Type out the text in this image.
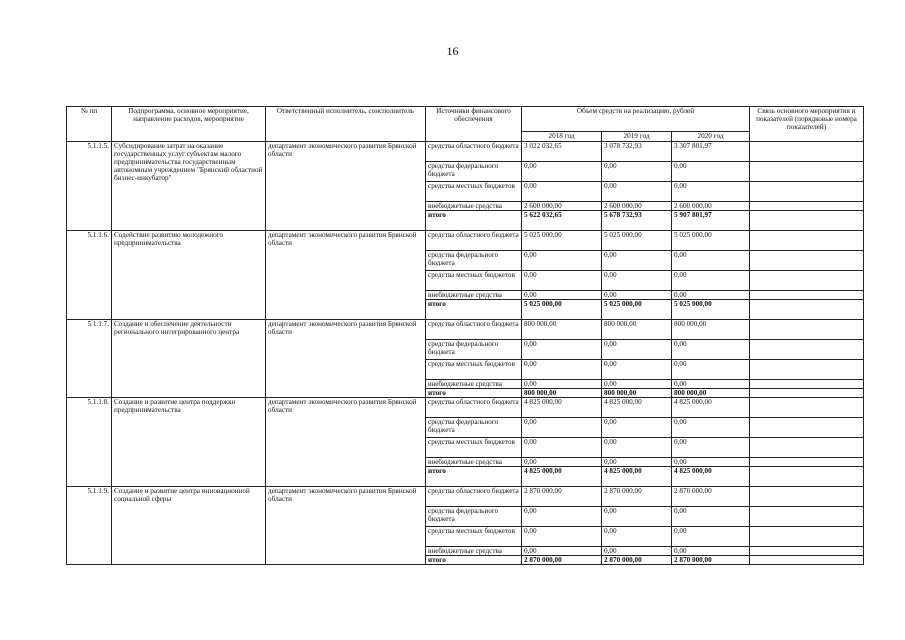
16
№ пп	Подпрограмма, основное мероприятие, направление расходов, мероприятие	Ответственный исполнитель, соисполнитель	Источники финансового обеспечения	Объем средств на реализацию, рублей			Связь основного мероприятия и показателей (порядковые номера показателей)
				2018 год	2019 год	2020 год	
5.1.1.5.	Субсидирование затрат на оказание государственных услуг субъектам малого предпринимательства государственным автономным учреждением "Брянский областной бизнес-инкубатор"	департамент экономического развития Брянской области	средства областного бюджета	3 022 032,65	3 078 732,93	3 307 801,97	
			средства федерального бюджета	0,00	0,00	0,00	
			средства местных бюджетов	0,00	0,00	0,00	
			внебюджетные средства	2 600 000,00	2 600 000,00	2 600 000,00	
			итого	5 622 032,65	5 678 732,93	5 907 801,97	
5.1.1.6.	Содействие развитию молодежного предпринимательства	департамент экономического развития Брянской области	средства областного бюджета	5 025 000,00	5 025 000,00	5 025 000,00	
			средства федерального бюджета	0,00	0,00	0,00	
			средства местных бюджетов	0,00	0,00	0,00	
			внебюджетные средства	0,00	0,00	0,00	
			итого	5 025 000,00	5 025 000,00	5 025 000,00	
5.1.1.7.	Создание и обеспечение деятельности регионального интегрированного центра	департамент экономического развития Брянской области	средства областного бюджета	800 000,00	800 000,00	800 000,00	
			средства федерального бюджета	0,00	0,00	0,00	
			средства местных бюджетов	0,00	0,00	0,00	
			внебюджетные средства	0,00	0,00	0,00	
			итого	800 000,00	800 000,00	800 000,00	
5.1.1.8.	Создание и развитие центра поддержки предпринимательства	департамент экономического развития Брянской области	средства областного бюджета	4 825 000,00	4 825 000,00	4 825 000,00	
			средства федерального бюджета	0,00	0,00	0,00	
			средства местных бюджетов	0,00	0,00	0,00	
			внебюджетные средства	0,00	0,00	0,00	
			итого	4 825 000,00	4 825 000,00	4 825 000,00	
5.1.1.9.	Создание и развитие центра инновационной социальной сферы	департамент экономического развития Брянской области	средства областного бюджета	2 870 000,00	2 870 000,00	2 870 000,00	
			средства федерального бюджета	0,00	0,00	0,00	
			средства местных бюджетов	0,00	0,00	0,00	
			внебюджетные средства	0,00	0,00	0,00	
			итого	2 870 000,00	2 870 000,00	2 870 000,00	
